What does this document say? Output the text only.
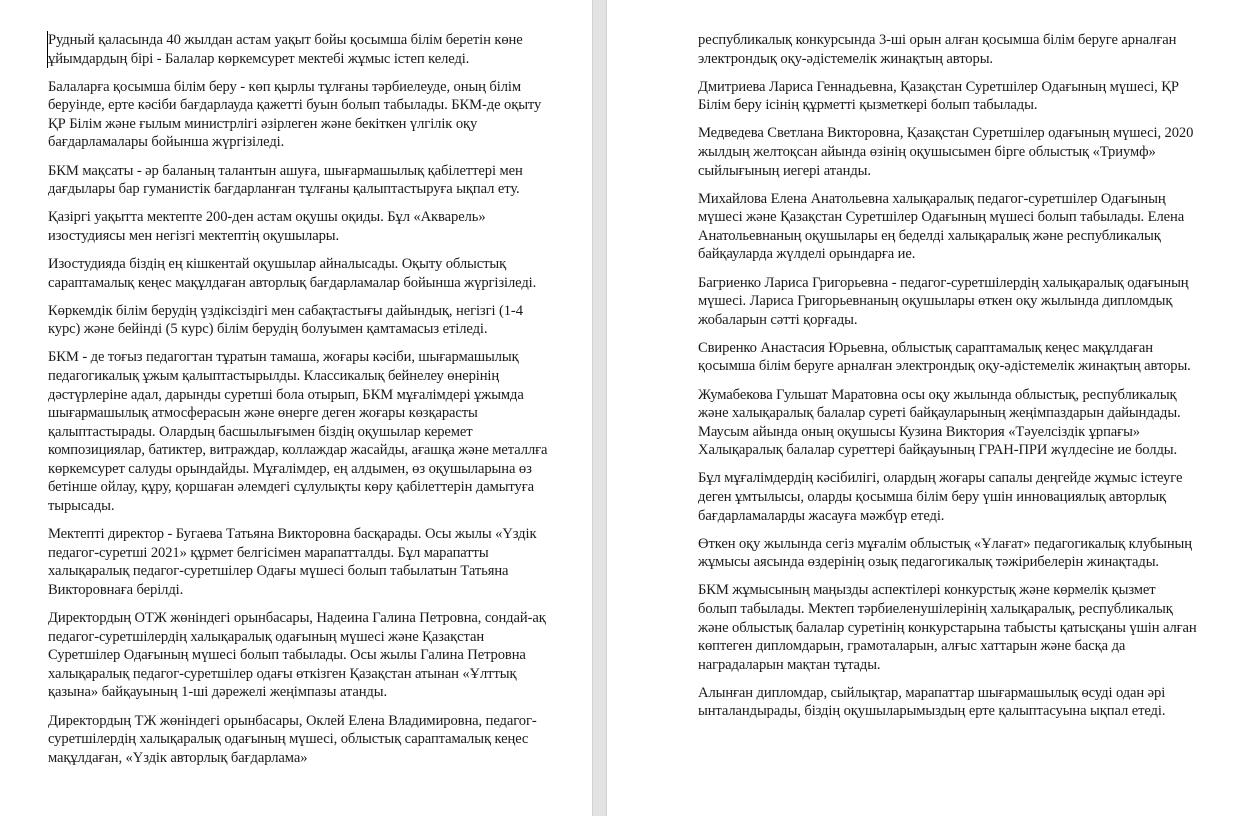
Рудный қаласында 40 жылдан астам уақыт бойы қосымша білім беретін көне ұйымдардың бірі - Балалар көркемсурет мектебі жұмыс істеп келеді.

Балаларға қосымша білім беру - көп қырлы тұлғаны тәрбиелеуде, оның білім беруінде, ерте кәсіби бағдарлауда қажетті буын болып табылады. БКМ-де оқыту ҚР Білім және ғылым министрлігі әзірлеген және бекіткен үлгілік оқу бағдарламалары бойынша жүргізіледі.

БКМ мақсаты - әр баланың талантын ашуға, шығармашылық қабілеттері мен дағдылары бар гуманистік бағдарланған тұлғаны қалыптастыруға ықпал ету.

Қазіргі уақытта мектепте 200-ден астам оқушы оқиды. Бұл «Акварель» изостудиясы мен негізгі мектептің оқушылары.

Изостудияда біздің ең кішкентай оқушылар айналысады. Оқыту облыстық сараптамалық кеңес мақұлдаған авторлық бағдарламалар бойынша жүргізіледі.

Көркемдік білім берудің үздіксіздігі мен сабақтастығы дайындық, негізгі (1-4 курс) және бейінді (5 курс) білім берудің болуымен қамтамасыз етіледі.

БКМ - де тоғыз педагогтан тұратын тамаша, жоғары кәсіби, шығармашылық педагогикалық ұжым қалыптастырылды. Классикалық бейнелеу өнерінің дәстүрлеріне адал, дарынды суретші бола отырып, БКМ мұғалімдері ұжымда шығармашылық атмосферасын және өнерге деген жоғары көзқарасты қалыптастырады. Олардың басшылығымен біздің оқушылар керемет композициялар, батиктер, витраждар, коллаждар жасайды, ағашқа және металлға көркемсурет салуды орындайды. Мұғалімдер, ең алдымен, өз оқушыларына өз бетінше ойлау, құру, қоршаған әлемдегі сұлулықты көру қабілеттерін дамытуға тырысады.

Мектепті директор - Бугаева Татьяна Викторовна басқарады. Осы жылы «Үздік педагог-суретші 2021» құрмет белгісімен марапатталды. Бұл марапатты халықаралық педагог-суретшілер Одағы мүшесі болып табылатын Татьяна Викторовнаға берілді.

Директордың ОТЖ жөніндегі орынбасары, Надеина Галина Петровна, сондай-ақ педагог-суретшілердің халықаралық одағының мүшесі және Қазақстан Суретшілер Одағының мүшесі болып табылады. Осы жылы Галина Петровна халықаралық педагог-суретшілер одағы өткізген Қазақстан атынан «Ұлттық қазына» байқауының 1-ші дәрежелі жеңімпазы атанды.

Директордың ТЖ жөніндегі орынбасары, Оклей Елена Владимировна, педагог-суретшілердің халықаралық одағының мүшесі, облыстық сараптамалық кеңес мақұлдаған, «Үздік авторлық бағдарлама»

республикалық конкурсында 3-ші орын алған қосымша білім беруге арналған электрондық оқу-әдістемелік жинақтың авторы.

Дмитриева Лариса Геннадьевна, Қазақстан Суретшілер Одағының мүшесі, ҚР Білім беру ісінің құрметті қызметкері болып табылады.

Медведева Светлана Викторовна, Қазақстан Суретшілер одағының мүшесі, 2020 жылдың желтоқсан айында өзінің оқушысымен бірге облыстық «Триумф» сыйлығының иегері атанды.

Михайлова Елена Анатольевна халықаралық педагог-суретшілер Одағының мүшесі және Қазақстан Суретшілер Одағының мүшесі болып табылады. Елена Анатольевнаның оқушылары ең беделді халықаралық және республикалық байқауларда жүлделі орындарға ие.

Багриенко Лариса Григорьевна - педагог-суретшілердің халықаралық одағының мүшесі. Лариса Григорьевнаның оқушылары өткен оқу жылында дипломдық жобаларын сәтті қорғады.

Свиренко Анастасия Юрьевна, облыстық сараптамалық кеңес мақұлдаған қосымша білім беруге арналған электрондық оқу-әдістемелік жинақтың авторы.

Жумабекова Гульшат Маратовна осы оқу жылында облыстық, республикалық және халықаралық балалар суреті байқауларының жеңімпаздарын дайындады. Маусым айында оның оқушысы Кузина Виктория «Тәуелсіздік ұрпағы» Халықаралық балалар суреттері байқауының ГРАН-ПРИ жүлдесіне ие болды.

Бұл мұғалімдердің кәсібилігі, олардың жоғары сапалы деңгейде жұмыс істеуге деген ұмтылысы, оларды қосымша білім беру үшін инновациялық авторлық бағдарламаларды жасауға мәжбүр етеді.

Өткен оқу жылында сегіз мұғалім облыстық «Ұлағат» педагогикалық клубының жұмысы аясында өздерінің озық педагогикалық тәжірибелерін жинақтады.

БКМ жұмысының маңызды аспектілері конкурстық және көрмелік қызмет болып табылады. Мектеп тәрбиеленушілерінің халықаралық, республикалық және облыстық балалар суретінің конкурстарына табысты қатысқаны үшін алған көптеген дипломдарын, грамоталарын, алғыс хаттарын және басқа да наградаларын мақтан тұтады.

Алынған дипломдар, сыйлықтар, марапаттар шығармашылық өсуді одан әрі ынталандырады, біздің оқушыларымыздың ерте қалыптасуына ықпал етеді.
